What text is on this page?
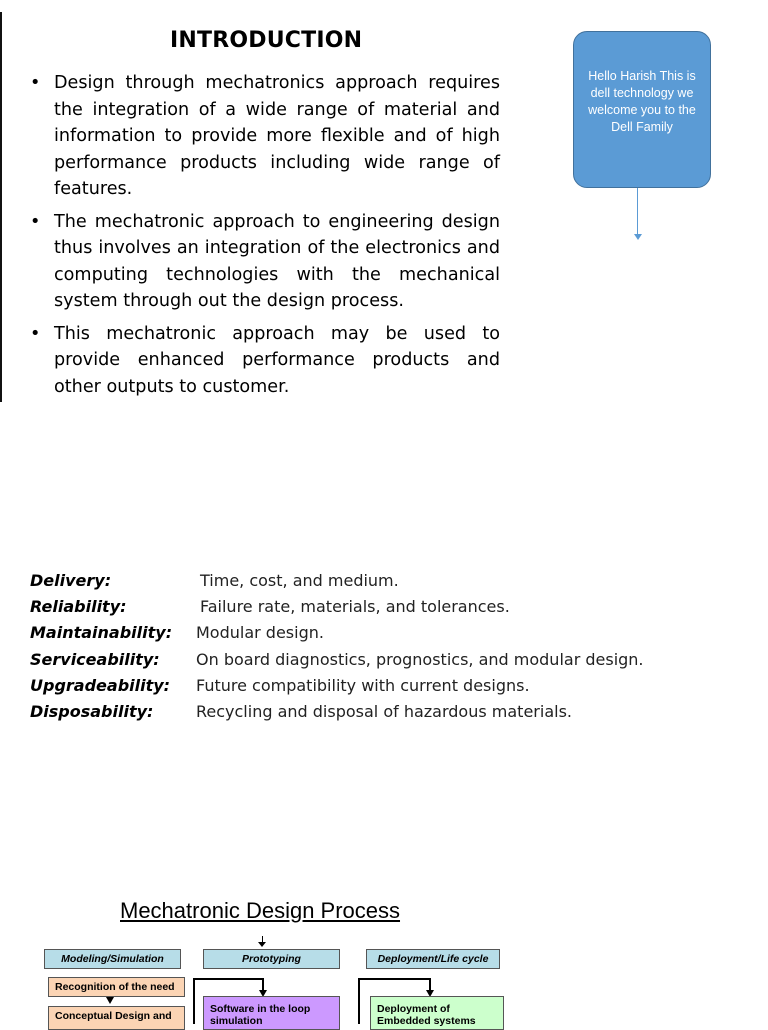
INTRODUCTION
• Design through mechatronics approach requires the integration of a wide range of material and information to provide more flexible and of high performance products including wide range of features.
• The mechatronic approach to engineering design thus involves an integration of the electronics and computing technologies with the mechanical system through out the design process.
• This mechatronic approach may be used to provide enhanced performance products and other outputs to customer.
Hello Harish This is dell technology we welcome you to the Dell Family
Delivery:	Time, cost, and medium.
Reliability:	Failure rate, materials, and tolerances.
Maintainability: Modular design.
Serviceability: On board diagnostics, prognostics, and modular design.
Upgradeability: Future compatibility with current designs.
Disposability:	Recycling and disposal of hazardous materials.
Mechatronic Design Process
Modeling/Simulation	Prototyping	Deployment/Life cycle
Recognition of the need
Conceptual Design and
Software in the loop
simulation
Deployment of
Embedded systems
